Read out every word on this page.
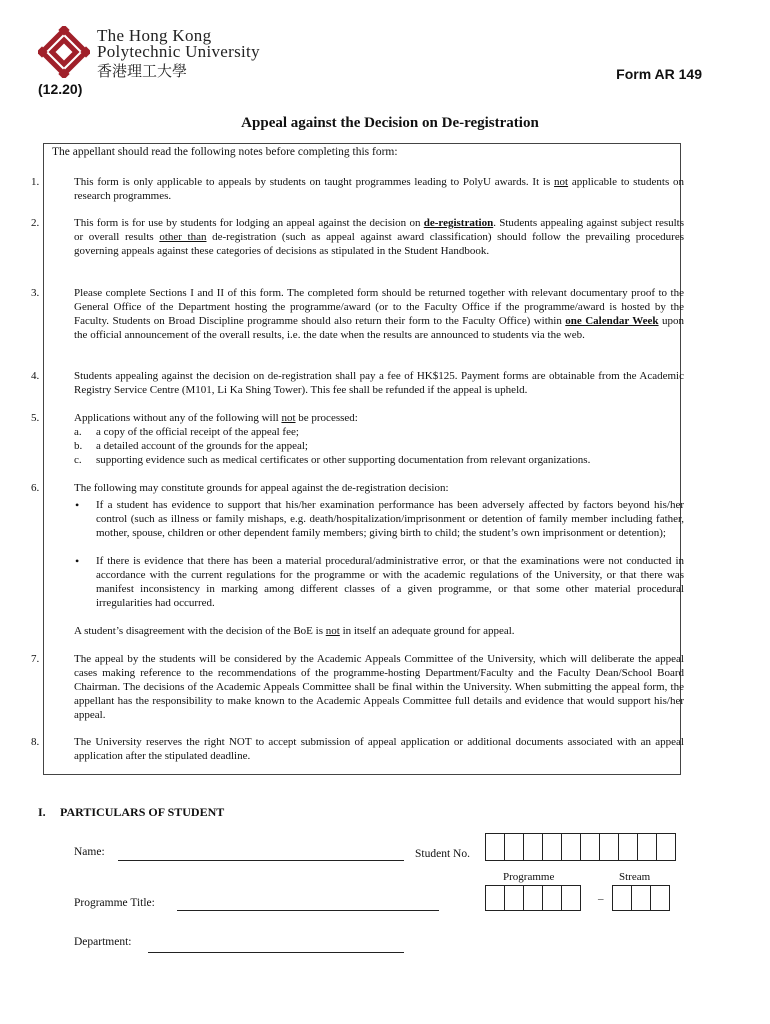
The Hong Kong
Polytechnic University
香港理工大學	Form AR 149
(12.20)
Appeal against the Decision on De-registration
The appellant should read the following notes before completing this form:
1.	This form is only applicable to appeals by students on taught programmes leading to PolyU awards. It is not applicable to students on research programmes.
2.	This form is for use by students for lodging an appeal against the decision on de-registration. Students appealing against subject results or overall results other than de-registration (such as appeal against award classification) should follow the prevailing procedures governing appeals against these categories of decisions as stipulated in the Student Handbook.
3.	Please complete Sections I and II of this form. The completed form should be returned together with relevant documentary proof to the General Office of the Department hosting the programme/award (or to the Faculty Office if the programme/award is hosted by the Faculty. Students on Broad Discipline programme should also return their form to the Faculty Office) within one Calendar Week upon the official announcement of the overall results, i.e. the date when the results are announced to students via the web.
4.	Students appealing against the decision on de-registration shall pay a fee of HK$125. Payment forms are obtainable from the Academic Registry Service Centre (M101, Li Ka Shing Tower). This fee shall be refunded if the appeal is upheld.
5.	Applications without any of the following will not be processed:
a. a copy of the official receipt of the appeal fee;
b. a detailed account of the grounds for the appeal;
c. supporting evidence such as medical certificates or other supporting documentation from relevant organizations.
6.	The following may constitute grounds for appeal against the de-registration decision:
• If a student has evidence to support that his/her examination performance has been adversely affected by factors beyond his/her control (such as illness or family mishaps, e.g. death/hospitalization/imprisonment or detention of family member including father, mother, spouse, children or other dependent family members; giving birth to child; the student’s own imprisonment or detention);
• If there is evidence that there has been a material procedural/administrative error, or that the examinations were not conducted in accordance with the current regulations for the programme or with the academic regulations of the University, or that there was manifest inconsistency in marking among different classes of a given programme, or that some other material procedural irregularities had occurred.
A student’s disagreement with the decision of the BoE is not in itself an adequate ground for appeal.
7.	The appeal by the students will be considered by the Academic Appeals Committee of the University, which will deliberate the appeal cases making reference to the recommendations of the programme-hosting Department/Faculty and the Faculty Dean/School Board Chairman. The decisions of the Academic Appeals Committee shall be final within the University. When submitting the appeal form, the appellant has the responsibility to make known to the Academic Appeals Committee full details and evidence that would support his/her appeal.
8.	The University reserves the right NOT to accept submission of appeal application or additional documents associated with an appeal application after the stipulated deadline.
I. PARTICULARS OF STUDENT
Name:	Student No.
Programme	Stream
–
Programme Title:
Department:
